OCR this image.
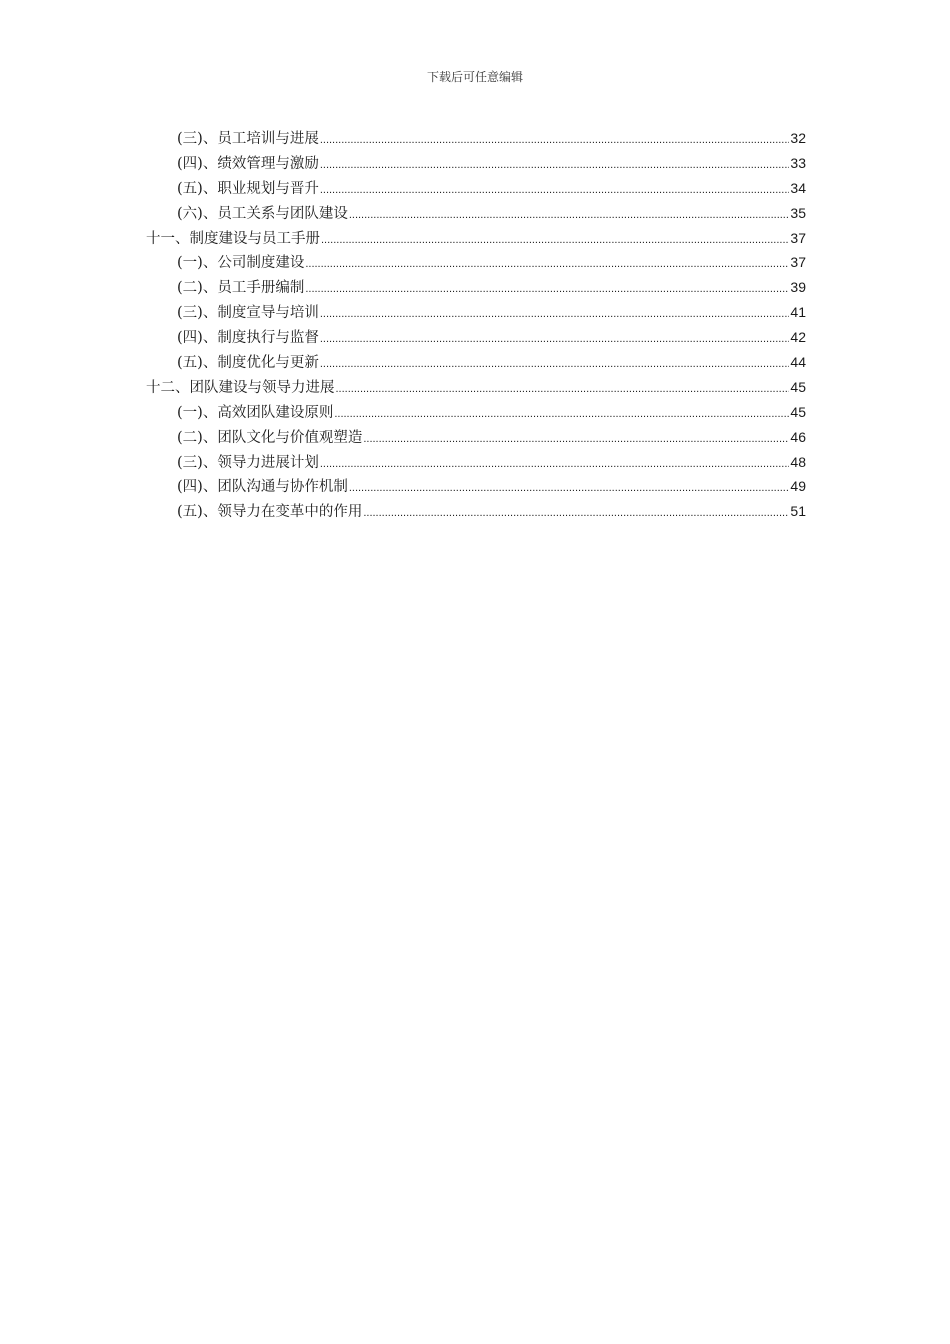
下载后可任意编辑
(三)、员工培训与进展 .....	32
(四)、绩效管理与激励 .....	33
(五)、职业规划与晋升 .....	34
(六)、员工关系与团队建设 .....	35
十一、制度建设与员工手册 .....	37
(一)、公司制度建设 .....	37
(二)、员工手册编制 .....	39
(三)、制度宣导与培训 .....	41
(四)、制度执行与监督 .....	42
(五)、制度优化与更新 .....	44
十二、团队建设与领导力进展 .....	45
(一)、高效团队建设原则 .....	45
(二)、团队文化与价值观塑造 .....	46
(三)、领导力进展计划 .....	48
(四)、团队沟通与协作机制 .....	49
(五)、领导力在变革中的作用 .....	51
